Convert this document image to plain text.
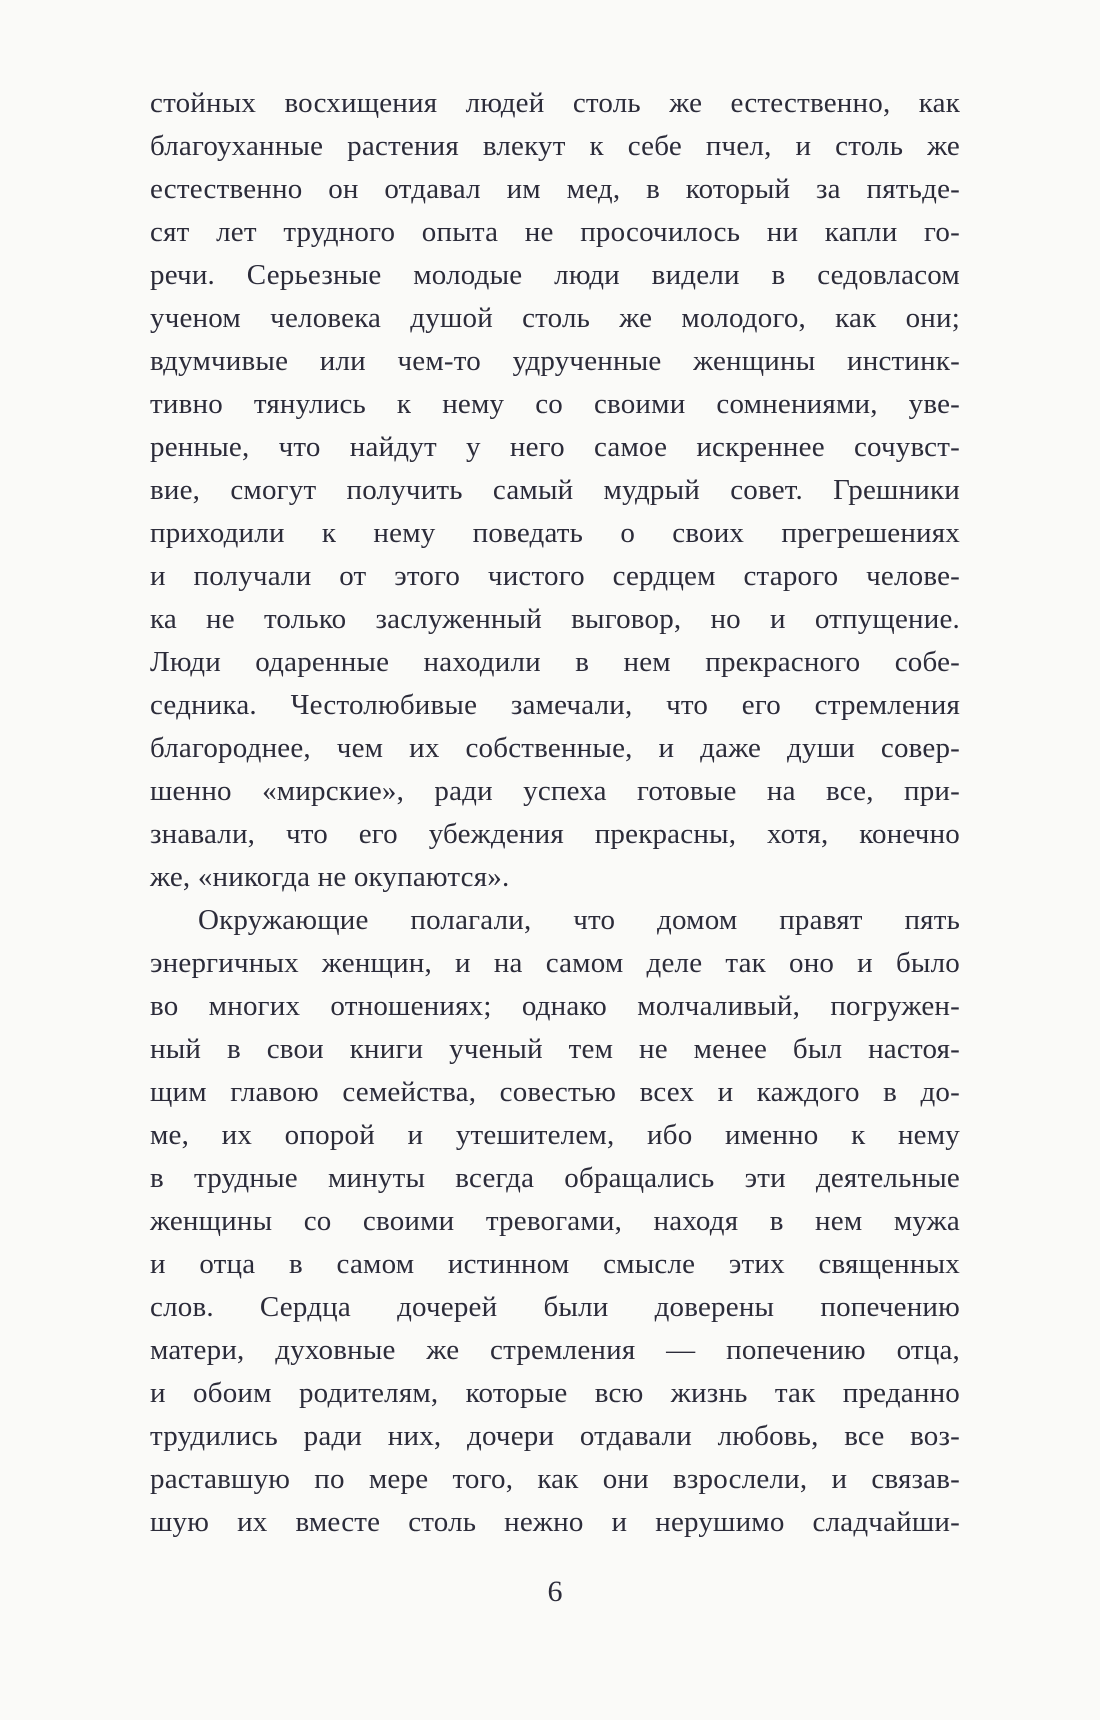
стойных восхищения людей столь же естественно, как
благоуханные растения влекут к себе пчел, и столь же
естественно он отдавал им мед, в который за пятьде-
сят лет трудного опыта не просочилось ни капли го-
речи. Серьезные молодые люди видели в седовласом
ученом человека душой столь же молодого, как они;
вдумчивые или чем-то удрученные женщины инстинк-
тивно тянулись к нему со своими сомнениями, уве-
ренные, что найдут у него самое искреннее сочувст-
вие, смогут получить самый мудрый совет. Грешники
приходили к нему поведать о своих прегрешениях
и получали от этого чистого сердцем старого челове-
ка не только заслуженный выговор, но и отпущение.
Люди одаренные находили в нем прекрасного собе-
седника. Честолюбивые замечали, что его стремления
благороднее, чем их собственные, и даже души совер-
шенно «мирские», ради успеха готовые на все, при-
знавали, что его убеждения прекрасны, хотя, конечно
же, «никогда не окупаются».
Окружающие полагали, что домом правят пять
энергичных женщин, и на самом деле так оно и было
во многих отношениях; однако молчаливый, погружен-
ный в свои книги ученый тем не менее был настоя-
щим главою семейства, совестью всех и каждого в до-
ме, их опорой и утешителем, ибо именно к нему
в трудные минуты всегда обращались эти деятельные
женщины со своими тревогами, находя в нем мужа
и отца в самом истинном смысле этих священных
слов. Сердца дочерей были доверены попечению
матери, духовные же стремления — попечению отца,
и обоим родителям, которые всю жизнь так преданно
трудились ради них, дочери отдавали любовь, все воз-
раставшую по мере того, как они взрослели, и связав-
шую их вместе столь нежно и нерушимо сладчайши-
6
